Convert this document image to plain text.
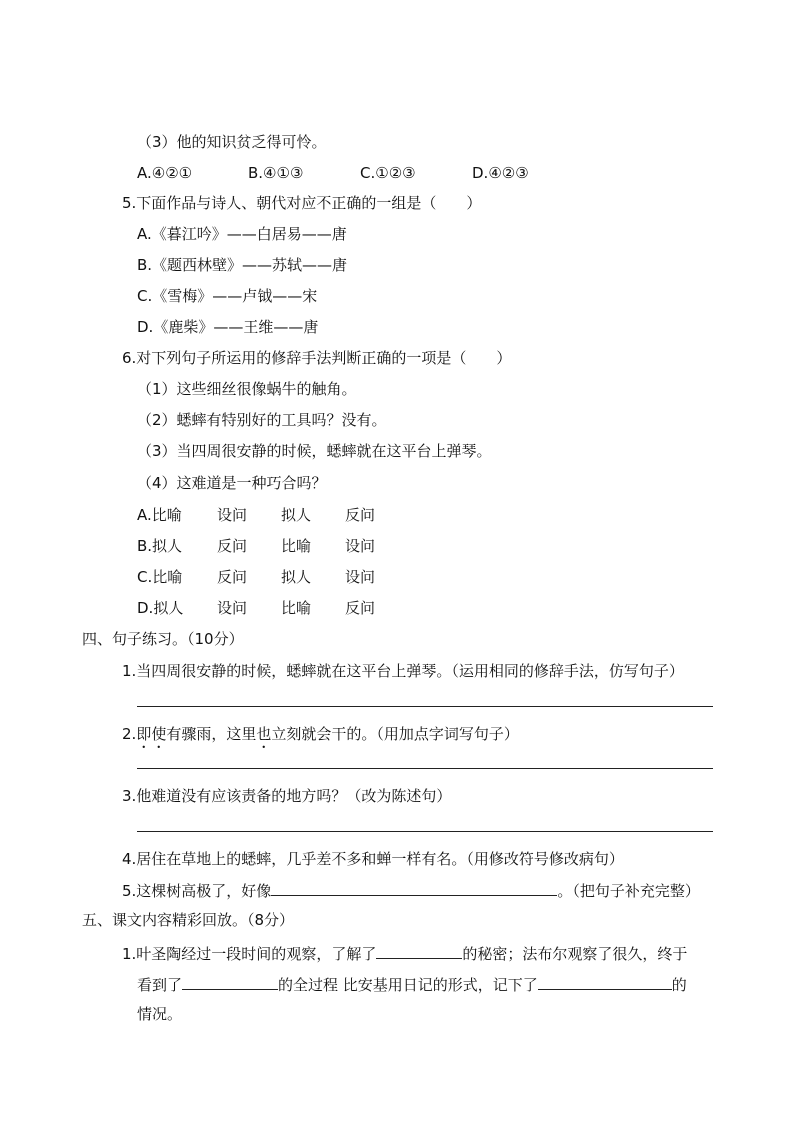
（3）他的知识贫乏得可怜。
A.④②①	B.④①③	C.①②③	D.④②③
5.下面作品与诗人、朝代对应不正确的一组是（　　）
A.《暮江吟》——白居易——唐
B.《题西林壁》——苏轼——唐
C.《雪梅》——卢钺——宋
D.《鹿柴》——王维——唐
6.对下列句子所运用的修辞手法判断正确的一项是（　　）
（1）这些细丝很像蜗牛的触角。
（2）蟋蟀有特别好的工具吗？没有。
（3）当四周很安静的时候，蟋蟀就在这平台上弹琴。
（4）这难道是一种巧合吗？
A.比喻 设问 拟人 反问
B.拟人 反问 比喻 设问
C.比喻 反问 拟人 设问
D.拟人 设问 比喻 反问
四、句子练习。（10分）
1.当四周很安静的时候，蟋蟀就在这平台上弹琴。（运用相同的修辞手法，仿写句子）
2.即使有骤雨，这里也立刻就会干的。（用加点字词写句子）
3.他难道没有应该责备的地方吗？（改为陈述句）
4.居住在草地上的蟋蟀，几乎差不多和蝉一样有名。（用修改符号修改病句）
5.这棵树高极了，好像	。（把句子补充完整）
五、课文内容精彩回放。（8分）
1.叶圣陶经过一段时间的观察，了解了	的秘密；法布尔观察了很久，终于
看到了	的全过程 比安基用日记的形式，记下了	的
情况。
